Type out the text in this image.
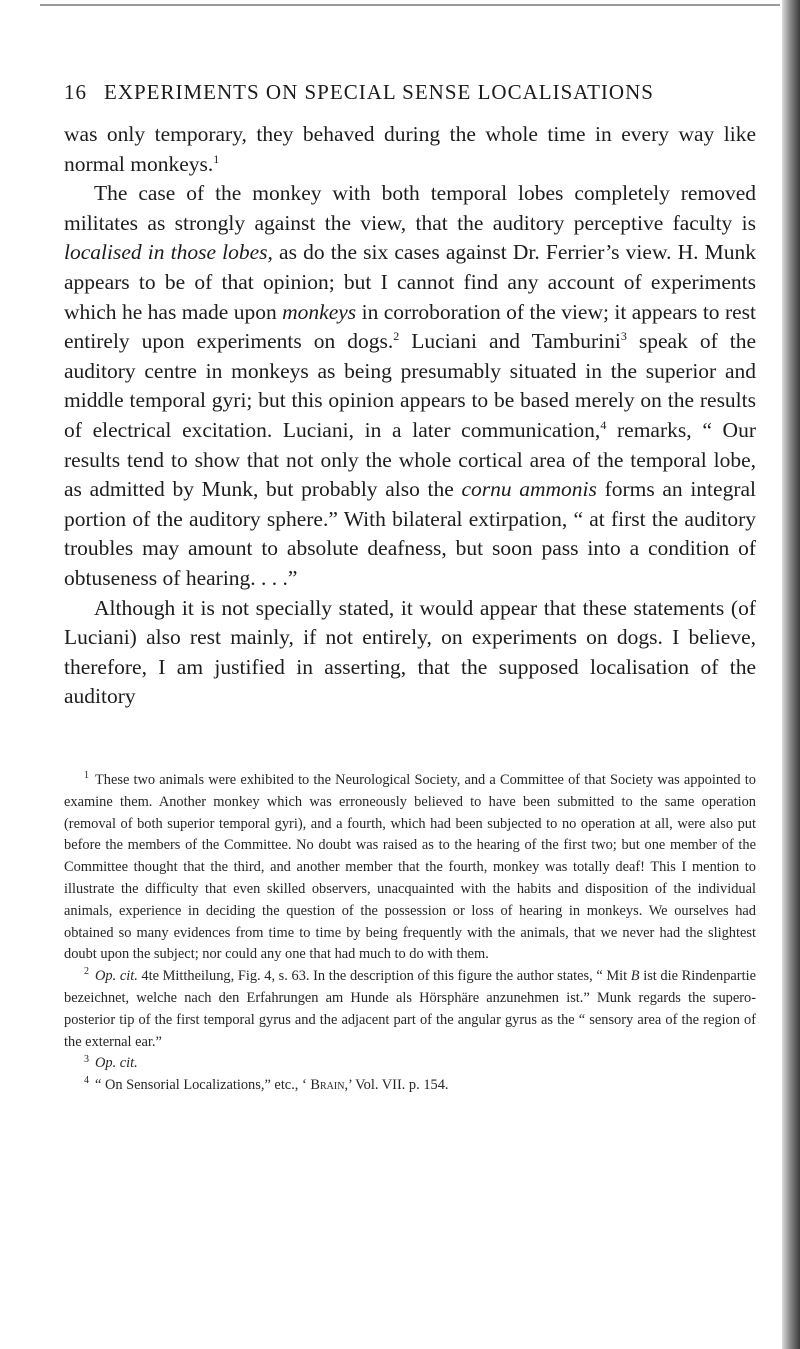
16 EXPERIMENTS ON SPECIAL SENSE LOCALISATIONS

was only temporary, they behaved during the whole time in every way like normal monkeys.$^1$

The case of the monkey with both temporal lobes completely removed militates as strongly against the view, that the auditory perceptive faculty is localised in those lobes, as do the six cases against Dr. Ferrier’s view. H. Munk appears to be of that opinion; but I cannot find any account of experiments which he has made upon monkeys in corroboration of the view; it appears to rest entirely upon experiments on dogs.$^2$ Luciani and Tamburini$^3$ speak of the auditory centre in monkeys as being presumably situated in the superior and middle temporal gyri; but this opinion appears to be based merely on the results of electrical excitation. Luciani, in a later communication,$^4$ remarks, “ Our results tend to show that not only the whole cortical area of the temporal lobe, as admitted by Munk, but probably also the cornu ammonis forms an integral portion of the auditory sphere.” With bilateral extirpation, “ at first the auditory troubles may amount to absolute deafness, but soon pass into a condition of obtuseness of hearing. . . .”

Although it is not specially stated, it would appear that these statements (of Luciani) also rest mainly, if not entirely, on experiments on dogs. I believe, therefore, I am justified in asserting, that the supposed localisation of the auditory

$^1$ These two animals were exhibited to the Neurological Society, and a Committee of that Society was appointed to examine them. Another monkey which was erroneously believed to have been submitted to the same operation (removal of both superior temporal gyri), and a fourth, which had been subjected to no operation at all, were also put before the members of the Committee. No doubt was raised as to the hearing of the first two; but one member of the Committee thought that the third, and another member that the fourth, monkey was totally deaf! This I mention to illustrate the difficulty that even skilled observers, unacquainted with the habits and disposition of the individual animals, experience in deciding the question of the possession or loss of hearing in monkeys. We ourselves had obtained so many evidences from time to time by being frequently with the animals, that we never had the slightest doubt upon the subject; nor could any one that had much to do with them.

$^2$ Op. cit. 4te Mittheilung, Fig. 4, s. 63. In the description of this figure the author states, “ Mit B ist die Rindenpartie bezeichnet, welche nach den Erfahrungen am Hunde als Hörsphäre anzunehmen ist.” Munk regards the supero-posterior tip of the first temporal gyrus and the adjacent part of the angular gyrus as the “ sensory area of the region of the external ear.”

$^3$ Op. cit.

$^4$ “ On Sensorial Localizations,” etc., ‘ Brain,’ Vol. VII. p. 154.
